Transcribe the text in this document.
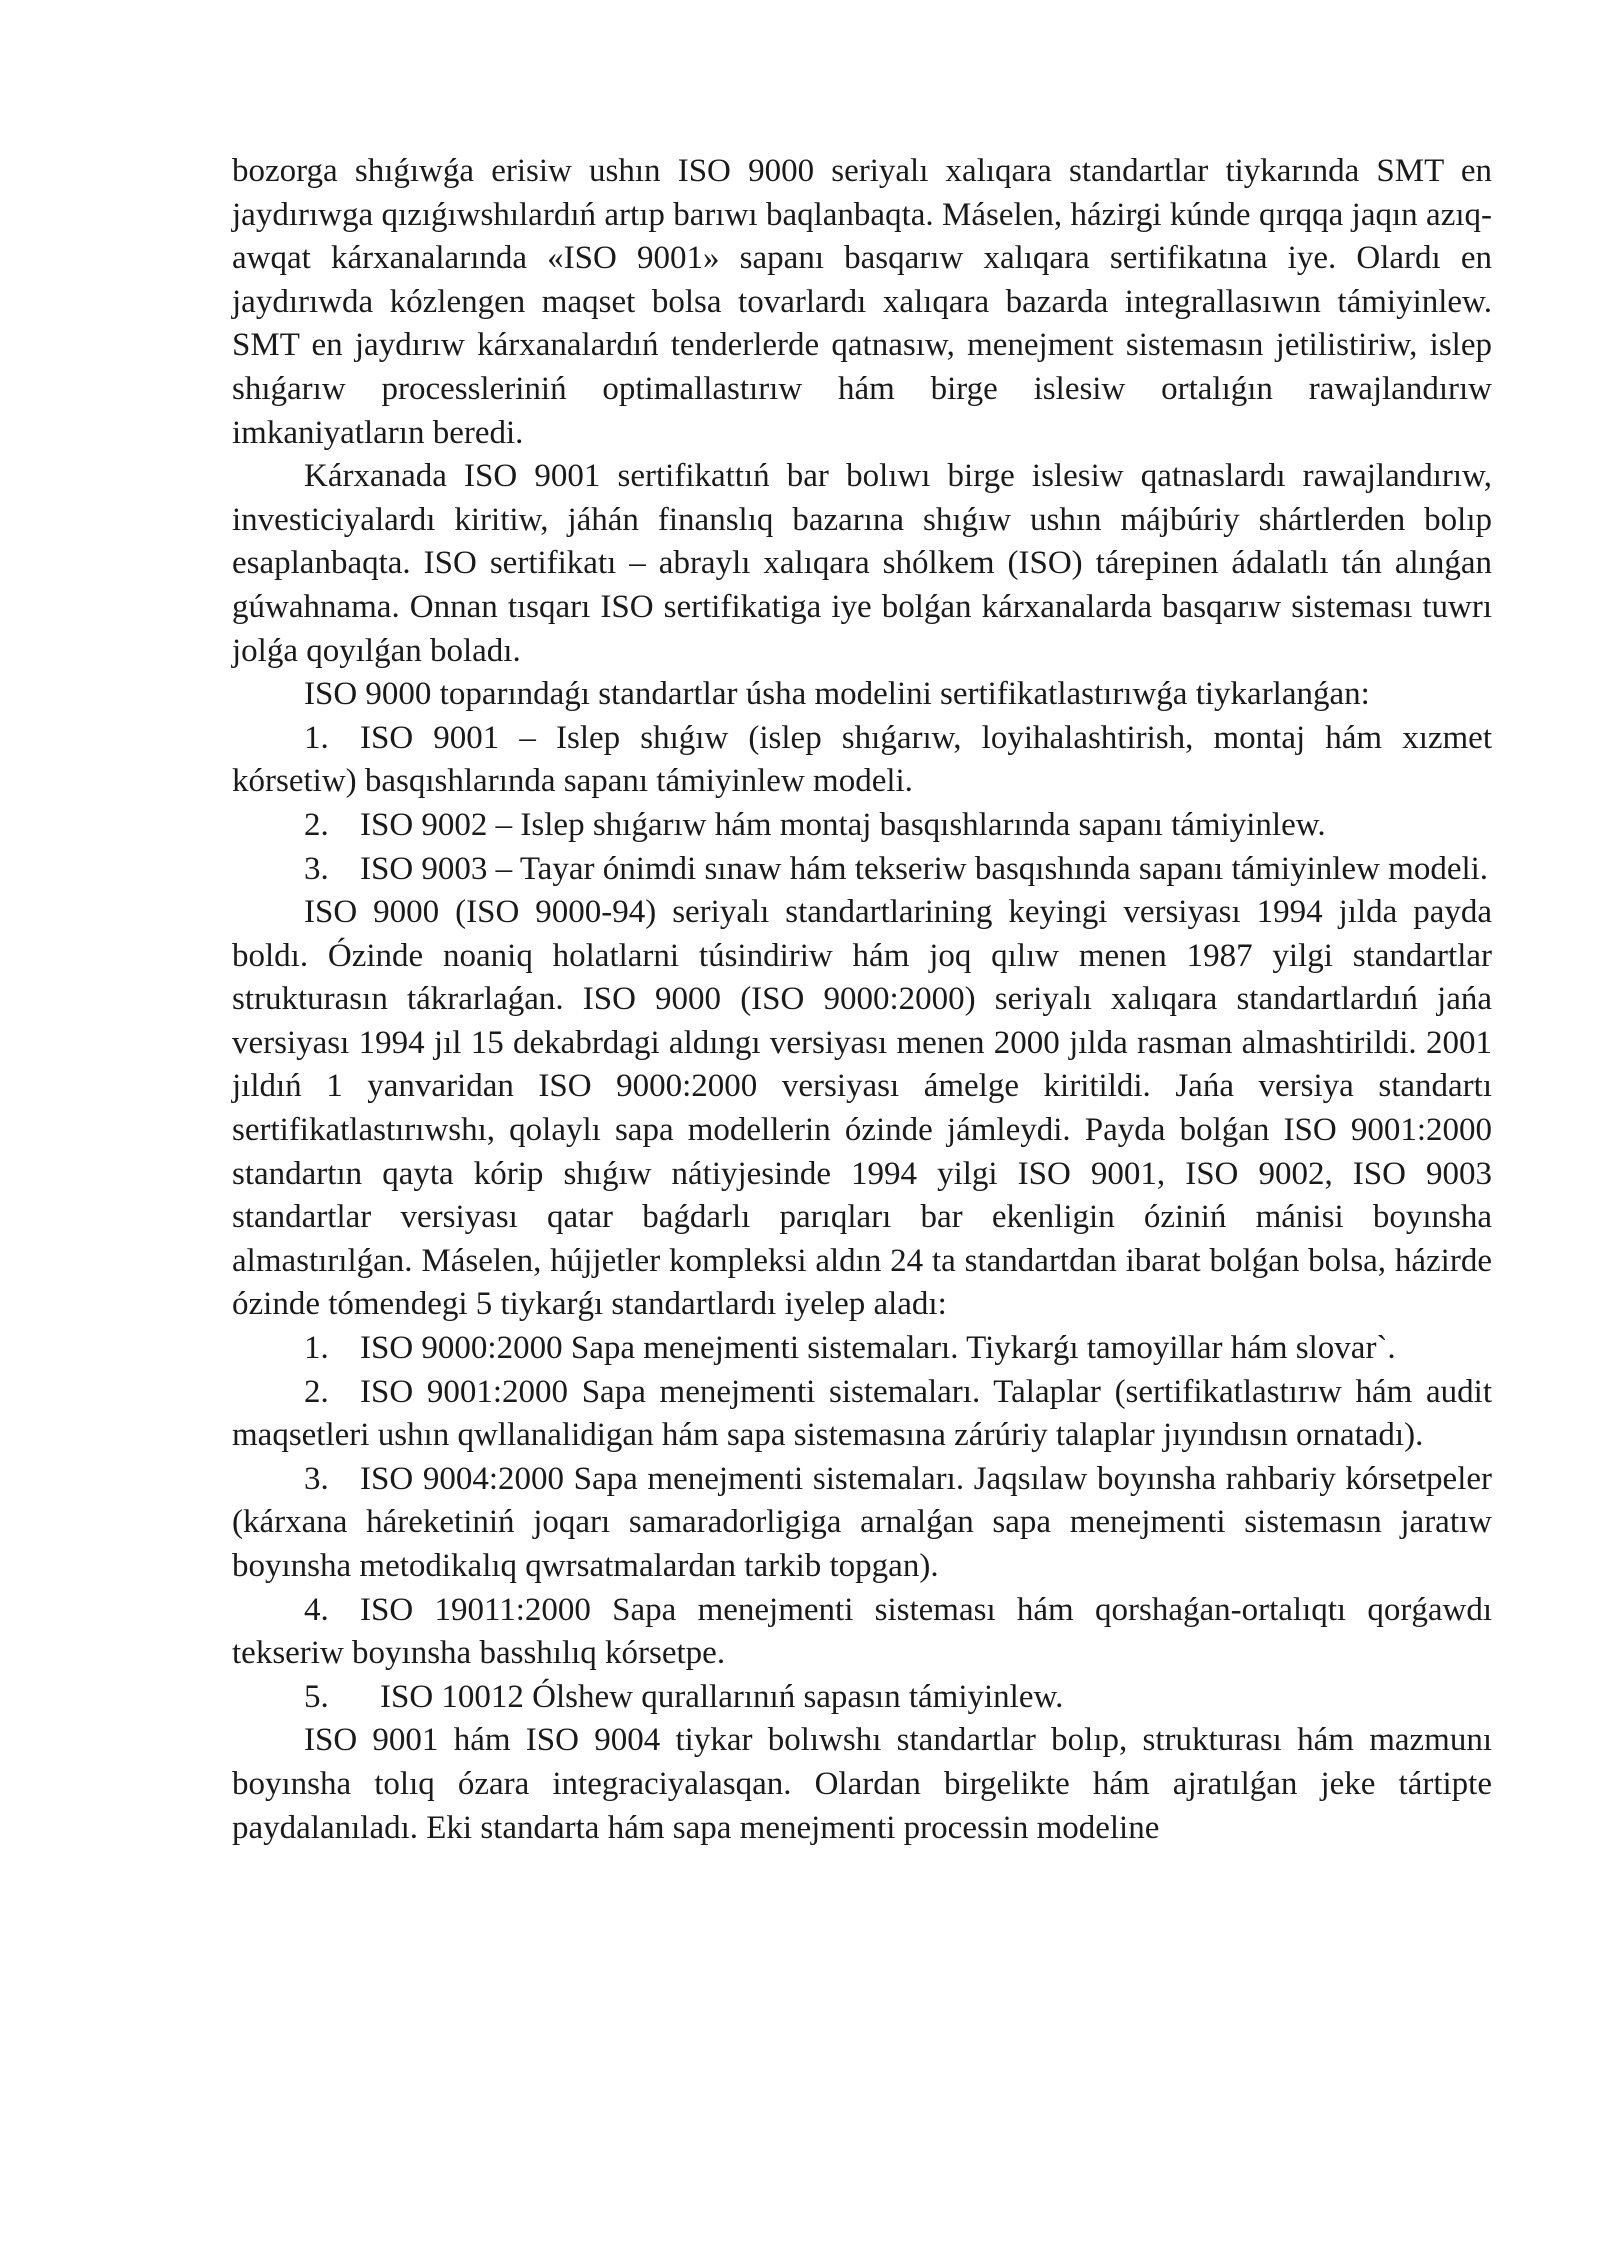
bozorga shıǵıwǵa erisiw ushın ISO 9000 seriyalı xalıqara standartlar tiykarında SMT en jaydırıwga qızıǵıwshılardıń artıp barıwı baqlanbaqta. Máselen, házirgi kúnde qırqqa jaqın azıq-awqat kárxanalarında «ISO 9001» sapanı basqarıw xalıqara sertifikatına iye. Olardı en jaydırıwda kózlengen maqset bolsa tovarlardı xalıqara bazarda integrallasıwın támiyinlew. SMT en jaydırıw kárxanalardıń tenderlerde qatnasıw, menejment sistemasın jetilistiriw, islep shıǵarıw processleriniń optimallastırıw hám birge islesiw ortalıǵın rawajlandırıw imkaniyatların beredi.

Kárxanada ISO 9001 sertifikattıń bar bolıwı birge islesiw qatnaslardı rawajlandırıw, investiciyalardı kiritiw, jáhán finanslıq bazarına shıǵıw ushın májbúriy shártlerden bolıp esaplanbaqta. ISO sertifikatı – abraylı xalıqara shólkem (ISO) tárepinen ádalatlı tán alınǵan gúwahnama. Onnan tısqarı ISO sertifikatiga iye bolǵan kárxanalarda basqarıw sisteması tuwrı jolǵa qoyılǵan boladı.

ISO 9000 toparındaǵı standartlar úsha modelini sertifikatlastırıwǵa tiykarlanǵan:

1. ISO 9001 – Islep shıǵıw (islep shıǵarıw, loyihalashtirish, montaj hám xızmet kórsetiw) basqıshlarında sapanı támiyinlew modeli.

2. ISO 9002 – Islep shıǵarıw hám montaj basqıshlarında sapanı támiyinlew.

3. ISO 9003 – Tayar ónimdi sınaw hám tekseriw basqıshında sapanı támiyinlew modeli.

ISO 9000 (ISO 9000-94) seriyalı standartlarining keyingi versiyası 1994 jılda payda boldı. Ózinde noaniq holatlarni túsindiriw hám joq qılıw menen 1987 yilgi standartlar strukturasın tákrarlaǵan. ISO 9000 (ISO 9000:2000) seriyalı xalıqara standartlardıń jańa versiyası 1994 jıl 15 dekabrdagi aldıngı versiyası menen 2000 jılda rasman almashtirildi. 2001 jıldıń 1 yanvaridan ISO 9000:2000 versiyası ámelge kiritildi. Jańa versiya standartı sertifikatlastırıwshı, qolaylı sapa modellerin ózinde jámleydi. Payda bolǵan ISO 9001:2000 standartın qayta kórip shıǵıw nátiyjesinde 1994 yilgi ISO 9001, ISO 9002, ISO 9003 standartlar versiyası qatar baǵdarlı parıqları bar ekenligin óziniń mánisi boyınsha almastırılǵan. Máselen, hújjetler kompleksi aldın 24 ta standartdan ibarat bolǵan bolsa, házirde ózinde tómendegi 5 tiykarǵı standartlardı iyelep aladı:

1. ISO 9000:2000 Sapa menejmenti sistemaları. Tiykarǵı tamoyillar hám slovar`.

2. ISO 9001:2000 Sapa menejmenti sistemaları. Talaplar (sertifikatlastırıw hám audit maqsetleri ushın qwllanalidigan hám sapa sistemasına zárúriy talaplar jıyındısın ornatadı).

3. ISO 9004:2000 Sapa menejmenti sistemaları. Jaqsılaw boyınsha rahbariy kórsetpeler (kárxana háreketiniń joqarı samaradorligiga arnalǵan sapa menejmenti sistemasın jaratıw boyınsha metodikalıq qwrsatmalardan tarkib topgan).

4. ISO 19011:2000 Sapa menejmenti sisteması hám qorshaǵan-ortalıqtı qorǵawdı tekseriw boyınsha basshılıq kórsetpe.

5. ISO 10012 Ólshew qurallarınıń sapasın támiyinlew.

ISO 9001 hám ISO 9004 tiykar bolıwshı standartlar bolıp, strukturası hám mazmunı boyınsha tolıq ózara integraciyalasqan. Olardan birgelikte hám ajratılǵan jeke tártipte paydalanıladı. Eki standarta hám sapa menejmenti processin modeline
